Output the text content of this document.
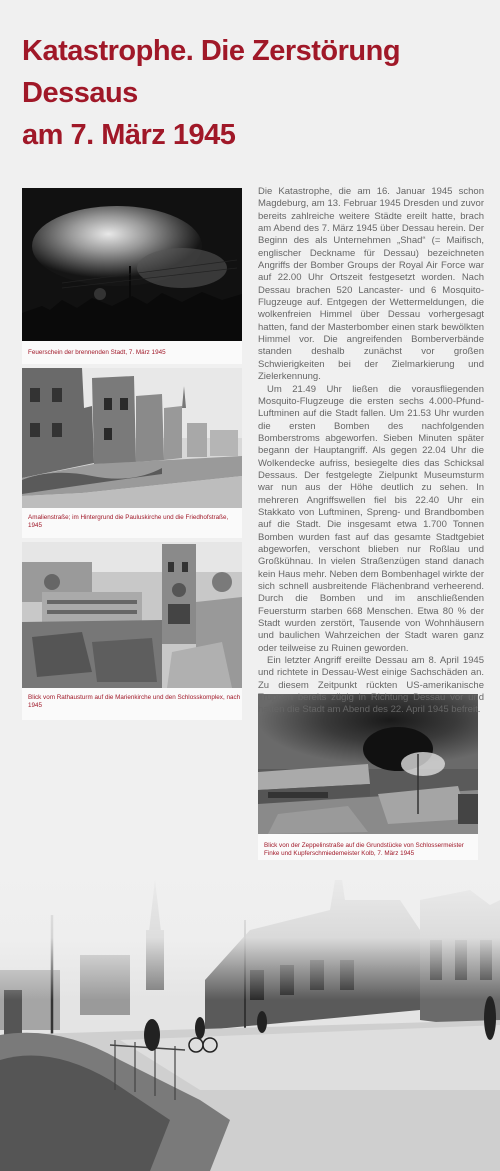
Katastrophe. Die Zerstörung Dessaus
am 7. März 1945
Feuerschein der brennenden Stadt, 7. März 1945
Amalienstraße; im Hintergrund die Pauluskirche und die Friedhofstraße, 1945
Blick vom Rathausturm auf die Marienkirche und den Schlosskomplex, nach 1945
Blick von der Zeppelinstraße auf die Grundstücke von Schlossermeister Finke und Kupferschmiedemeister Kolb, 7. März 1945

Die Katastrophe, die am 16. Januar 1945 schon Magdeburg, am 13. Februar 1945 Dresden und zuvor bereits zahlreiche weitere Städte ereilt hatte, brach am Abend des 7. März 1945 über Dessau herein. Der Beginn des als Unternehmen „Shad“ (= Maifisch, englischer Deckname für Dessau) bezeichneten Angriffs der Bomber Groups der Royal Air Force war auf 22.00 Uhr Ortszeit festgesetzt worden. Nach Dessau brachen 520 Lancaster- und 6 Mosquito-Flugzeuge auf. Entgegen der Wettermeldungen, die wolkenfreien Himmel über Dessau vorhergesagt hatten, fand der Masterbomber einen stark bewölkten Himmel vor. Die angreifenden Bomberverbände standen deshalb zunächst vor großen Schwierigkeiten bei der Zielmarkierung und Zielerkennung.

Um 21.49 Uhr ließen die vorausfliegenden Mosquito-Flugzeuge die ersten sechs 4.000-Pfund-Luftminen auf die Stadt fallen. Um 21.53 Uhr wurden die ersten Bomben des nachfolgenden Bomberstroms abgeworfen. Sieben Minuten später begann der Hauptangriff. Als gegen 22.04 Uhr die Wolkendecke aufriss, besiegelte dies das Schicksal Dessaus. Der festgelegte Zielpunkt Museumsturm war nun aus der Höhe deutlich zu sehen. In mehreren Angriffswellen fiel bis 22.40 Uhr ein Stakkato von Luftminen, Spreng- und Brandbomben auf die Stadt. Die insgesamt etwa 1.700 Tonnen Bomben wurden fast auf das gesamte Stadtgebiet abgeworfen, verschont blieben nur Roßlau und Großkühnau. In vielen Straßenzügen stand danach kein Haus mehr. Neben dem Bombenhagel wirkte der sich schnell ausbreitende Flächenbrand verheerend. Durch die Bomben und im anschließenden Feuersturm starben 668 Menschen. Etwa 80 % der Stadt wurden zerstört, Tausende von Wohnhäusern und baulichen Wahrzeichen der Stadt waren ganz oder teilweise zu Ruinen geworden.

Ein letzter Angriff ereilte Dessau am 8. April 1945 und richtete in Dessau-West einige Sachschäden an. Zu diesem Zeitpunkt rückten US-amerikanische Truppen bereits zügig in Richtung Dessau vor und hatten die Stadt am Abend des 22. April 1945 befreit.
